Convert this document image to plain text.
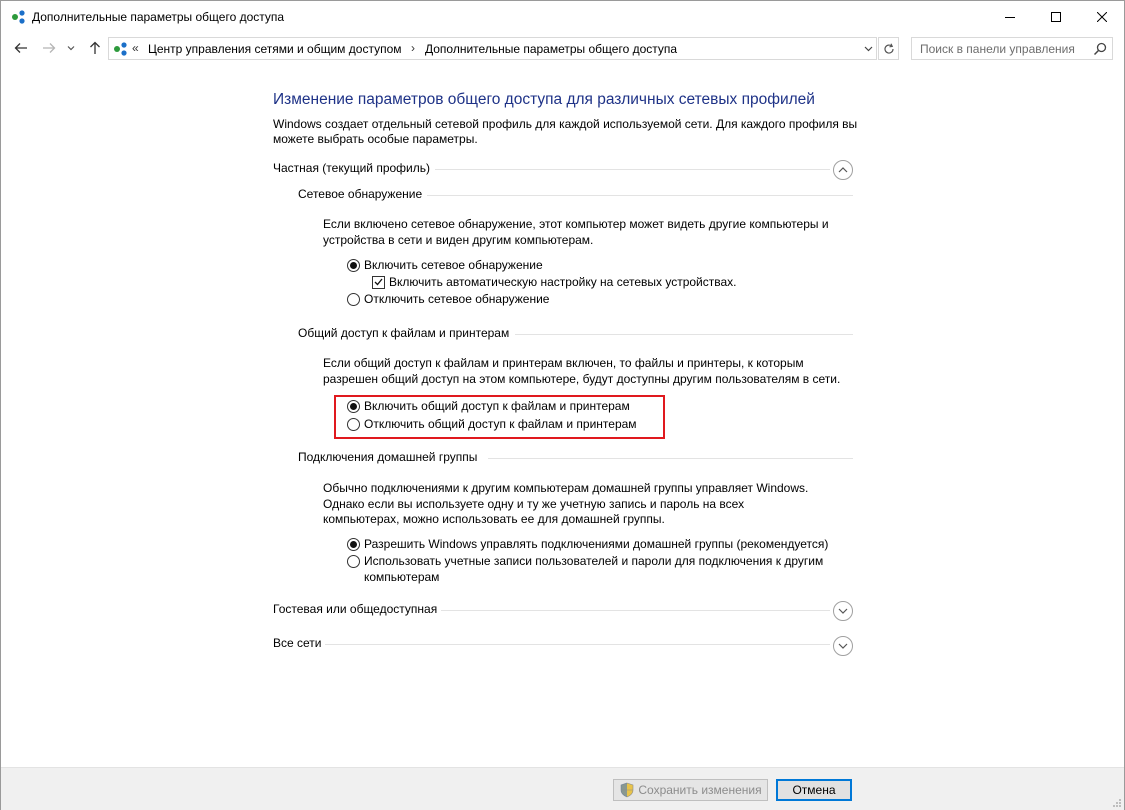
Дополнительные параметры общего доступа
« Центр управления сетями и общим доступом › Дополнительные параметры общего доступа
Поиск в панели управления
Изменение параметров общего доступа для различных сетевых профилей
Windows создает отдельный сетевой профиль для каждой используемой сети. Для каждого профиля вы можете выбрать особые параметры.
Частная (текущий профиль)
Сетевое обнаружение
Если включено сетевое обнаружение, этот компьютер может видеть другие компьютеры и устройства в сети и виден другим компьютерам.
Включить сетевое обнаружение
Включить автоматическую настройку на сетевых устройствах.
Отключить сетевое обнаружение
Общий доступ к файлам и принтерам
Если общий доступ к файлам и принтерам включен, то файлы и принтеры, к которым разрешен общий доступ на этом компьютере, будут доступны другим пользователям в сети.
Включить общий доступ к файлам и принтерам
Отключить общий доступ к файлам и принтерам
Подключения домашней группы
Обычно подключениями к другим компьютерам домашней группы управляет Windows. Однако если вы используете одну и ту же учетную запись и пароль на всех компьютерах, можно использовать ее для домашней группы.
Разрешить Windows управлять подключениями домашней группы (рекомендуется)
Использовать учетные записи пользователей и пароли для подключения к другим компьютерам
Гостевая или общедоступная
Все сети
Сохранить изменения	Отмена
